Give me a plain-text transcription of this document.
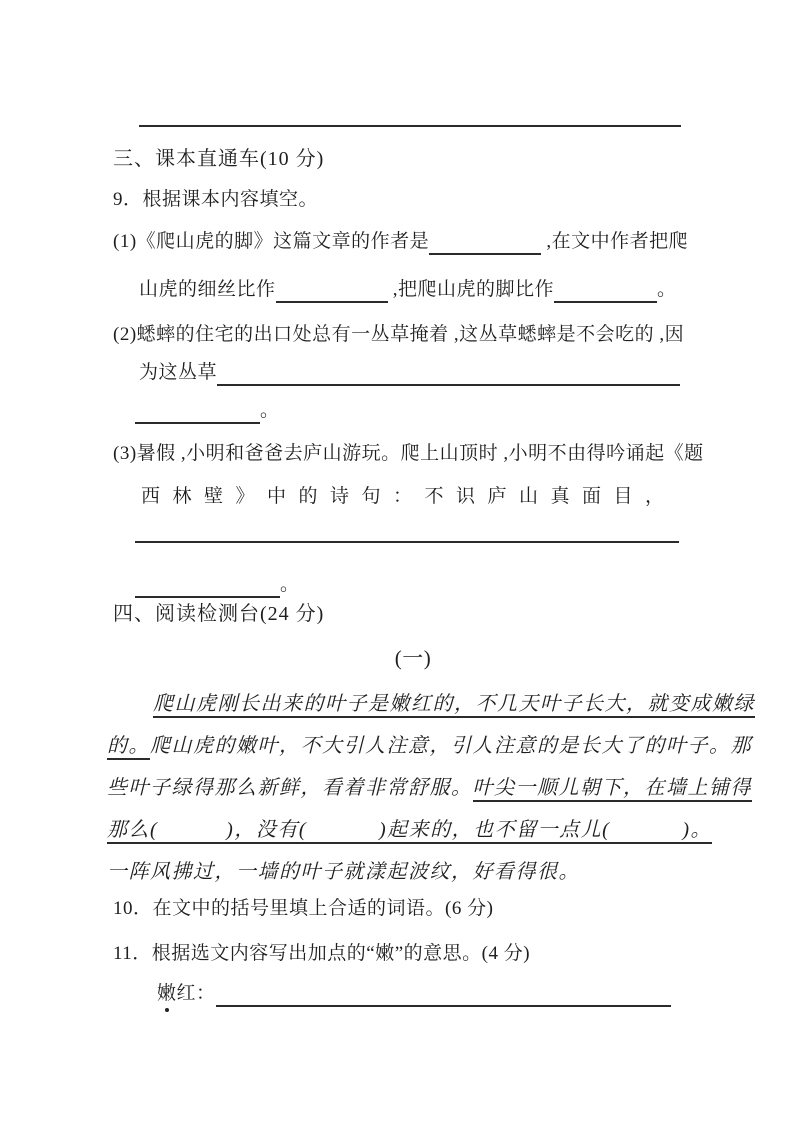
三、课本直通车(10 分)
9．根据课本内容填空。
(1)《爬山虎的脚》这篇文章的作者是	,在文中作者把爬
山虎的细丝比作	,把爬山虎的脚比作	。
(2)蟋蟀的住宅的出口处总有一丛草掩着 ,这丛草蟋蟀是不会吃的 ,因
为这丛草
。
(3)暑假 ,小明和爸爸去庐山游玩。爬上山顶时 ,小明不由得吟诵起《题
西林壁》中的诗句：不识庐山真面目，
。
四、阅读检测台(24 分)
(一)
爬山虎刚长出来的叶子是嫩红的，不几天叶子长大，就变成嫩绿
的。爬山虎的嫩叶，不大引人注意，引人注意的是长大了的叶子。那
些叶子绿得那么新鲜，看着非常舒服。叶尖一顺儿朝下，在墙上铺得
那么(	)，没有(	)起来的，也不留一点儿(	)。
一阵风拂过，一墙的叶子就漾起波纹，好看得很。
10．在文中的括号里填上合适的词语。(6 分)
11．根据选文内容写出加点的“嫩”的意思。(4 分)
嫩红：
